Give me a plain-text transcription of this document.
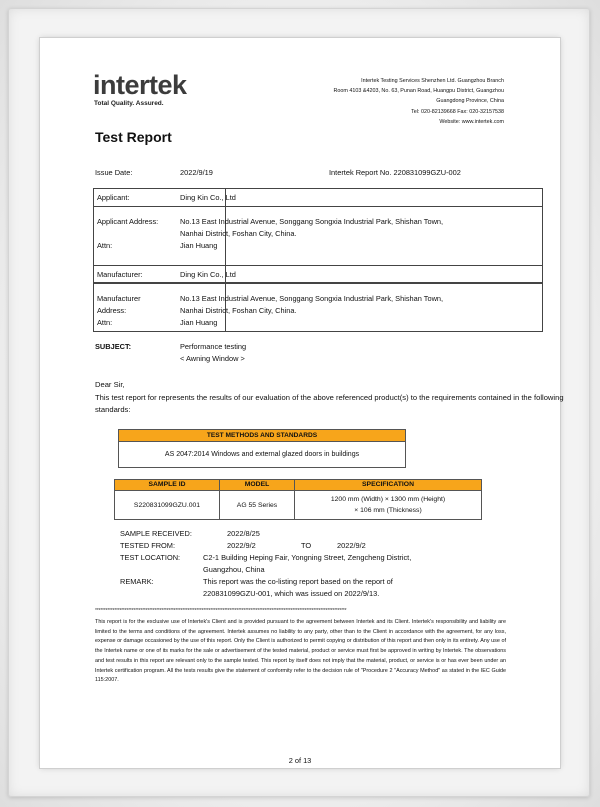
intertek
Total Quality. Assured.
Intertek Testing Services Shenzhen Ltd. Guangzhou Branch
Room 4103 &4203, No. 63, Punan Road, Huangpu District, Guangzhou
Guangdong Province, China
Tel: 020-82139668 Fax: 020-32157538
Website: www.intertek.com
Test Report
Issue Date:	2022/9/19	Intertek Report No. 220831099GZU-002
Applicant:	Ding Kin Co., Ltd
Applicant Address:	No.13 East Industrial Avenue, Songgang Songxia Industrial Park, Shishan Town,
Nanhai District, Foshan City, China.
Attn:	Jian Huang
Manufacturer:	Ding Kin Co., Ltd
Manufacturer
Address:
No.13 East Industrial Avenue, Songgang Songxia Industrial Park, Shishan Town,
Nanhai District, Foshan City, China.
Attn:	Jian Huang
SUBJECT:	Performance testing
< Awning Window >
Dear Sir,
This test report for represents the results of our evaluation of the above referenced product(s) to the requirements contained in the following standards:
TEST METHODS AND STANDARDS
AS 2047:2014 Windows and external glazed doors in buildings
SAMPLE ID	MODEL	SPECIFICATION
S220831099GZU.001	AG 55 Series	1200 mm (Width) × 1300 mm (Height)
× 106 mm (Thickness)
SAMPLE RECEIVED:	2022/8/25
TESTED FROM:	2022/9/2	TO	2022/9/2
TEST LOCATION:	C2-1 Building Heping Fair, Yongning Street, Zengcheng District,
Guangzhou, China
REMARK:	This report was the co-listing report based on the report of
220831099GZU-001, which was issued on 2022/9/13.
************************************************************************************************************************************************
This report is for the exclusive use of Intertek's Client and is provided pursuant to the agreement between Intertek and its Client. Intertek's responsibility and liability are limited to the terms and conditions of the agreement. Intertek assumes no liability to any party, other than to the Client in accordance with the agreement, for any loss, expense or damage occasioned by the use of this report. Only the Client is authorized to permit copying or distribution of this report and then only in its entirety. Any use of the Intertek name or one of its marks for the sale or advertisement of the tested material, product or service must first be approved in writing by Intertek. The observations and test results in this report are relevant only to the sample tested. This report by itself does not imply that the material, product, or service is or has ever been under an Intertek certification program. All the tests results give the statement of conformity refer to the decision rule of "Procedure 2 "Accuracy Method" as stated in the IEC Guide 115:2007.
2 of 13
